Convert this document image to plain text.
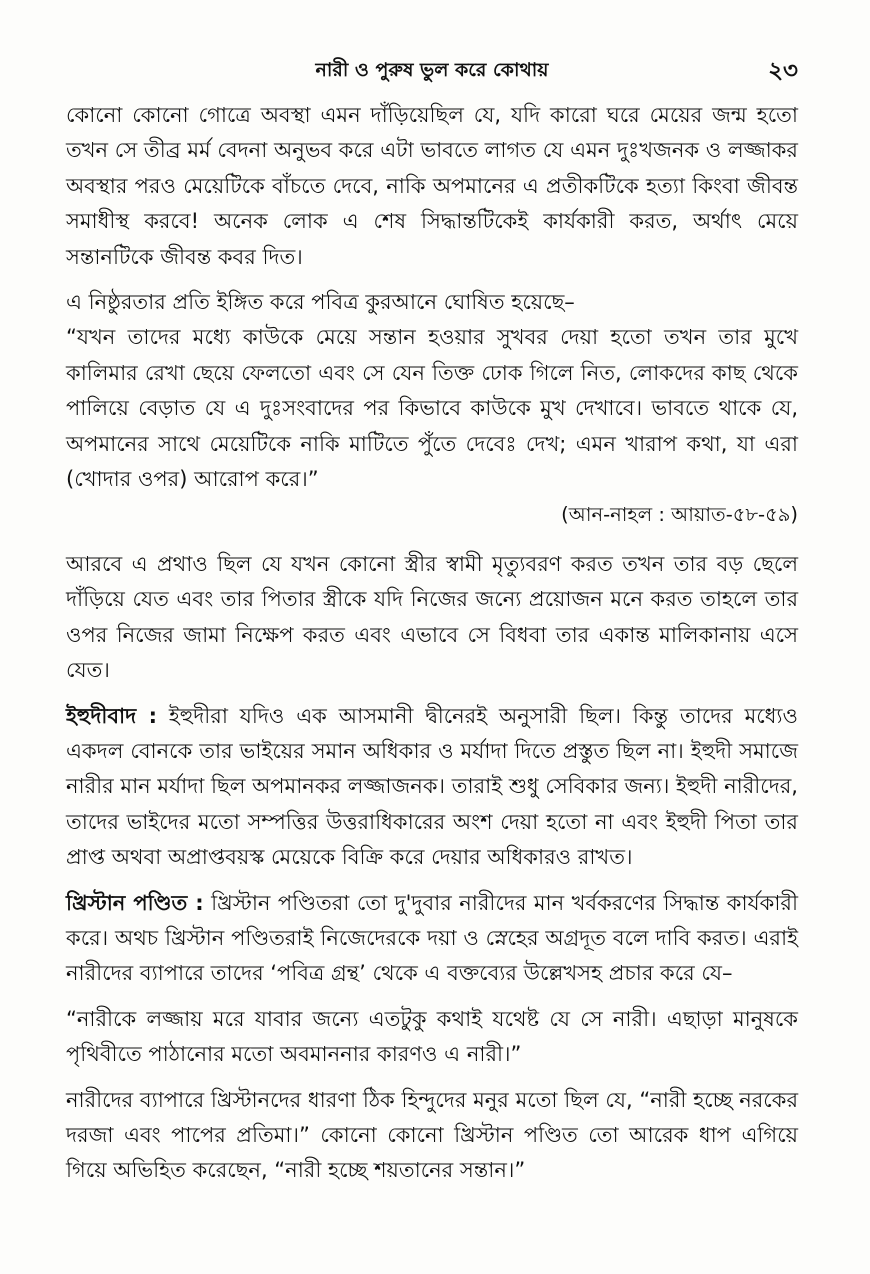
নারী ও পুরুষ ভুল করে কোথায়	২৩

কোনো কোনো গোত্রে অবস্থা এমন দাঁড়িয়েছিল যে, যদি কারো ঘরে মেয়ের জন্ম হতো তখন সে তীব্র মর্ম বেদনা অনুভব করে এটা ভাবতে লাগত যে এমন দুঃখজনক ও লজ্জাকর অবস্থার পরও মেয়েটিকে বাঁচতে দেবে, নাকি অপমানের এ প্রতীকটিকে হত্যা কিংবা জীবন্ত সমাধীস্থ করবে! অনেক লোক এ শেষ সিদ্ধান্তটিকেই কার্যকারী করত, অর্থাৎ মেয়ে সন্তানটিকে জীবন্ত কবর দিত।

এ নিষ্ঠুরতার প্রতি ইঙ্গিত করে পবিত্র কুরআনে ঘোষিত হয়েছে–

“যখন তাদের মধ্যে কাউকে মেয়ে সন্তান হওয়ার সুখবর দেয়া হতো তখন তার মুখে কালিমার রেখা ছেয়ে ফেলতো এবং সে যেন তিক্ত ঢোক গিলে নিত, লোকদের কাছ থেকে পালিয়ে বেড়াত যে এ দুঃসংবাদের পর কিভাবে কাউকে মুখ দেখাবে। ভাবতে থাকে যে, অপমানের সাথে মেয়েটিকে নাকি মাটিতে পুঁতে দেবেঃ দেখ; এমন খারাপ কথা, যা এরা (খোদার ওপর) আরোপ করে।”

(আন-নাহল : আয়াত-৫৮-৫৯)

আরবে এ প্রথাও ছিল যে যখন কোনো স্ত্রীর স্বামী মৃত্যুবরণ করত তখন তার বড় ছেলে দাঁড়িয়ে যেত এবং তার পিতার স্ত্রীকে যদি নিজের জন্যে প্রয়োজন মনে করত তাহলে তার ওপর নিজের জামা নিক্ষেপ করত এবং এভাবে সে বিধবা তার একান্ত মালিকানায় এসে যেত।

ইহুদীবাদ : ইহুদীরা যদিও এক আসমানী দ্বীনেরই অনুসারী ছিল। কিন্তু তাদের মধ্যেও একদল বোনকে তার ভাইয়ের সমান অধিকার ও মর্যাদা দিতে প্রস্তুত ছিল না। ইহুদী সমাজে নারীর মান মর্যাদা ছিল অপমানকর লজ্জাজনক। তারাই শুধু সেবিকার জন্য। ইহুদী নারীদের, তাদের ভাইদের মতো সম্পত্তির উত্তরাধিকারের অংশ দেয়া হতো না এবং ইহুদী পিতা তার প্রাপ্ত অথবা অপ্রাপ্তবয়স্ক মেয়েকে বিক্রি করে দেয়ার অধিকারও রাখত।

খ্রিস্টান পণ্ডিত : খ্রিস্টান পণ্ডিতরা তো দু'দুবার নারীদের মান খর্বকরণের সিদ্ধান্ত কার্যকারী করে। অথচ খ্রিস্টান পণ্ডিতরাই নিজেদেরকে দয়া ও স্নেহের অগ্রদূত বলে দাবি করত। এরাই নারীদের ব্যাপারে তাদের ‘পবিত্র গ্রন্থ’ থেকে এ বক্তব্যের উল্লেখসহ প্রচার করে যে–

“নারীকে লজ্জায় মরে যাবার জন্যে এতটুকু কথাই যথেষ্ট যে সে নারী। এছাড়া মানুষকে পৃথিবীতে পাঠানোর মতো অবমাননার কারণও এ নারী।”

নারীদের ব্যাপারে খ্রিস্টানদের ধারণা ঠিক হিন্দুদের মনুর মতো ছিল যে, “নারী হচ্ছে নরকের দরজা এবং পাপের প্রতিমা।” কোনো কোনো খ্রিস্টান পণ্ডিত তো আরেক ধাপ এগিয়ে গিয়ে অভিহিত করেছেন, “নারী হচ্ছে শয়তানের সন্তান।”
